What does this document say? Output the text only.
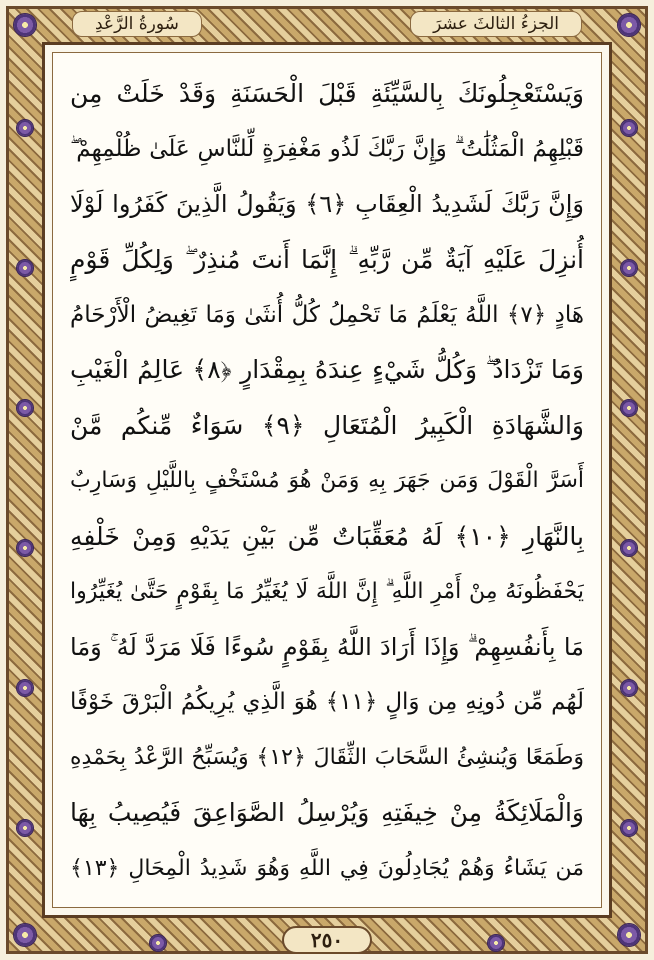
سُورةُ الرَّعْدِ	الجزءُ الثالثَ عشرَ
وَيَسْتَعْجِلُونَكَ بِالسَّيِّئَةِ قَبْلَ الْحَسَنَةِ وَقَدْ خَلَتْ مِن
قَبْلِهِمُ الْمَثُلَٰتُ ۗ وَإِنَّ رَبَّكَ لَذُو مَغْفِرَةٍ لِّلنَّاسِ عَلَىٰ ظُلْمِهِمْ ۖ
وَإِنَّ رَبَّكَ لَشَدِيدُ الْعِقَابِ ﴿٦﴾ وَيَقُولُ الَّذِينَ كَفَرُوا لَوْلَا
أُنزِلَ عَلَيْهِ آيَةٌ مِّن رَّبِّهِ ۗ إِنَّمَا أَنتَ مُنذِرٌ ۖ وَلِكُلِّ قَوْمٍ
هَادٍ ﴿٧﴾ اللَّهُ يَعْلَمُ مَا تَحْمِلُ كُلُّ أُنثَىٰ وَمَا تَغِيضُ الْأَرْحَامُ
وَمَا تَزْدَادُ ۖ وَكُلُّ شَيْءٍ عِندَهُ بِمِقْدَارٍ ﴿٨﴾ عَالِمُ الْغَيْبِ
وَالشَّهَادَةِ الْكَبِيرُ الْمُتَعَالِ ﴿٩﴾ سَوَاءٌ مِّنكُم مَّنْ
أَسَرَّ الْقَوْلَ وَمَن جَهَرَ بِهِ وَمَنْ هُوَ مُسْتَخْفٍ بِاللَّيْلِ وَسَارِبٌ
بِالنَّهَارِ ﴿١٠﴾ لَهُ مُعَقِّبَاتٌ مِّن بَيْنِ يَدَيْهِ وَمِنْ خَلْفِهِ
يَحْفَظُونَهُ مِنْ أَمْرِ اللَّهِ ۗ إِنَّ اللَّهَ لَا يُغَيِّرُ مَا بِقَوْمٍ حَتَّىٰ يُغَيِّرُوا
مَا بِأَنفُسِهِمْ ۗ وَإِذَا أَرَادَ اللَّهُ بِقَوْمٍ سُوءًا فَلَا مَرَدَّ لَهُ ۚ وَمَا
لَهُم مِّن دُونِهِ مِن وَالٍ ﴿١١﴾ هُوَ الَّذِي يُرِيكُمُ الْبَرْقَ خَوْفًا
وَطَمَعًا وَيُنشِئُ السَّحَابَ الثِّقَالَ ﴿١٢﴾ وَيُسَبِّحُ الرَّعْدُ بِحَمْدِهِ
وَالْمَلَائِكَةُ مِنْ خِيفَتِهِ وَيُرْسِلُ الصَّوَاعِقَ فَيُصِيبُ بِهَا
مَن يَشَاءُ وَهُمْ يُجَادِلُونَ فِي اللَّهِ وَهُوَ شَدِيدُ الْمِحَالِ ﴿١٣﴾
٢٥٠
